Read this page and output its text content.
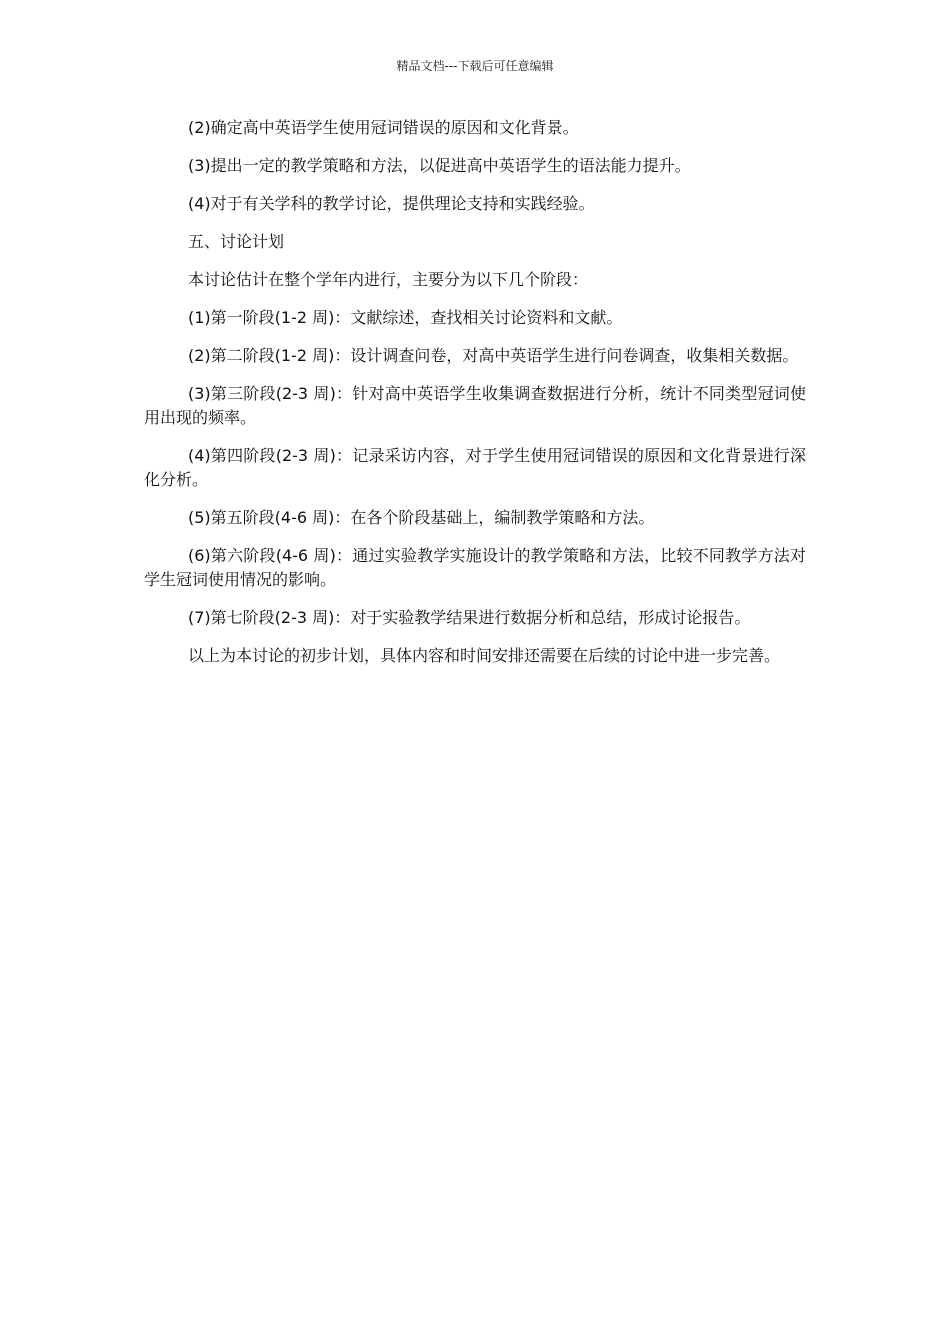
精品文档---下载后可任意编辑

(2)确定高中英语学生使用冠词错误的原因和文化背景。

(3)提出一定的教学策略和方法，以促进高中英语学生的语法能力提升。

(4)对于有关学科的教学讨论，提供理论支持和实践经验。

五、讨论计划

本讨论估计在整个学年内进行，主要分为以下几个阶段：

(1)第一阶段(1-2 周)：文献综述，查找相关讨论资料和文献。

(2)第二阶段(1-2 周)：设计调查问卷，对高中英语学生进行问卷调查，收集相关数据。

(3)第三阶段(2-3 周)：针对高中英语学生收集调查数据进行分析，统计不同类型冠词使用出现的频率。

(4)第四阶段(2-3 周)：记录采访内容，对于学生使用冠词错误的原因和文化背景进行深化分析。

(5)第五阶段(4-6 周)：在各个阶段基础上，编制教学策略和方法。

(6)第六阶段(4-6 周)：通过实验教学实施设计的教学策略和方法，比较不同教学方法对学生冠词使用情况的影响。

(7)第七阶段(2-3 周)：对于实验教学结果进行数据分析和总结，形成讨论报告。

以上为本讨论的初步计划，具体内容和时间安排还需要在后续的讨论中进一步完善。
